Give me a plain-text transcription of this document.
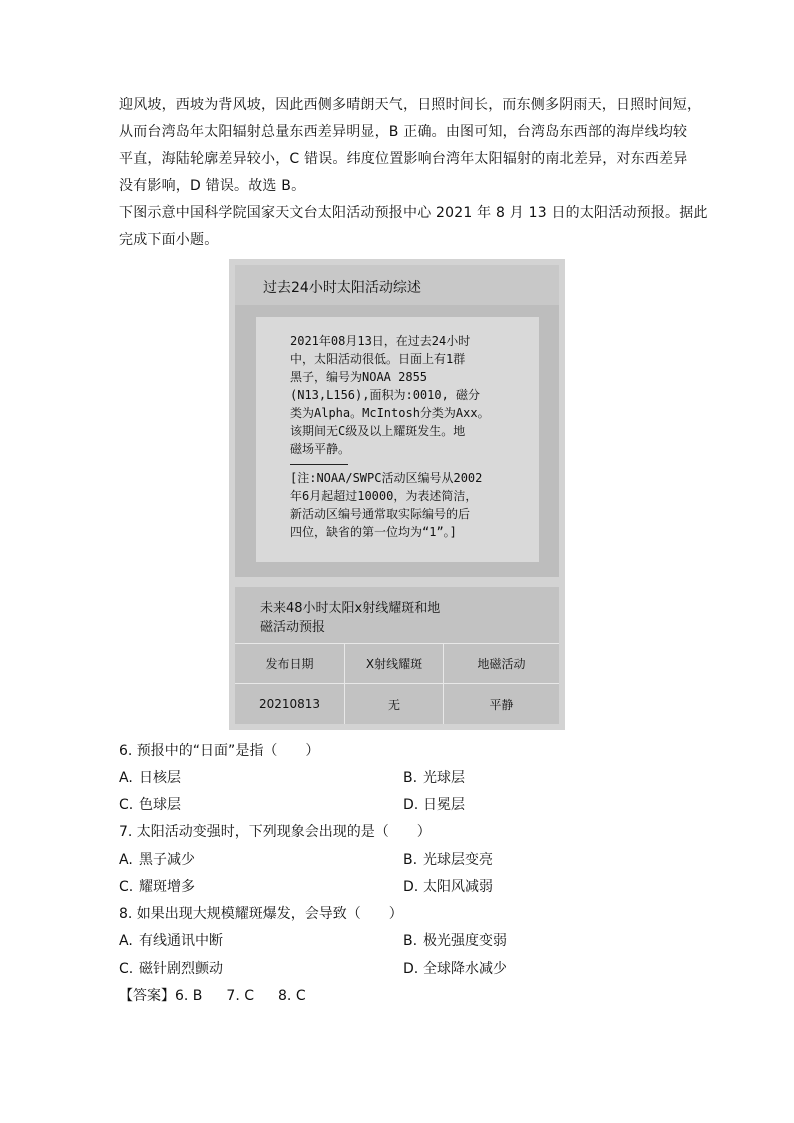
迎风坡，西坡为背风坡，因此西侧多晴朗天气，日照时间长，而东侧多阴雨天，日照时间短，
从而台湾岛年太阳辐射总量东西差异明显，B 正确。由图可知，台湾岛东西部的海岸线均较
平直，海陆轮廓差异较小，C 错误。纬度位置影响台湾年太阳辐射的南北差异，对东西差异
没有影响，D 错误。故选 B。
下图示意中国科学院国家天文台太阳活动预报中心 2021 年 8 月 13 日的太阳活动预报。据此
完成下面小题。
过去24小时太阳活动综述
2021年08月13日，在过去24小时
中，太阳活动很低。日面上有1群
黑子，编号为NOAA 2855
(N13,L156),面积为:0010, 磁分
类为Alpha。McIntosh分类为Axx。
该期间无C级及以上耀斑发生。地
磁场平静。
[注:NOAA/SWPC活动区编号从2002
年6月起超过10000，为表述简洁，
新活动区编号通常取实际编号的后
四位，缺省的第一位均为“1”。]
未来48小时太阳x射线耀斑和地
磁活动预报
发布日期	X射线耀斑	地磁活动
20210813	无	平静
6. 预报中的“日面”是指（　　）
A. 日核层	B. 光球层
C. 色球层	D. 日冕层
7. 太阳活动变强时，下列现象会出现的是（　　）
A. 黑子减少	B. 光球层变亮
C. 耀斑增多	D. 太阳风减弱
8. 如果出现大规模耀斑爆发，会导致（　　）
A. 有线通讯中断	B. 极光强度变弱
C. 磁针剧烈颤动	D. 全球降水减少
【答案】6. B 7. C 8. C
